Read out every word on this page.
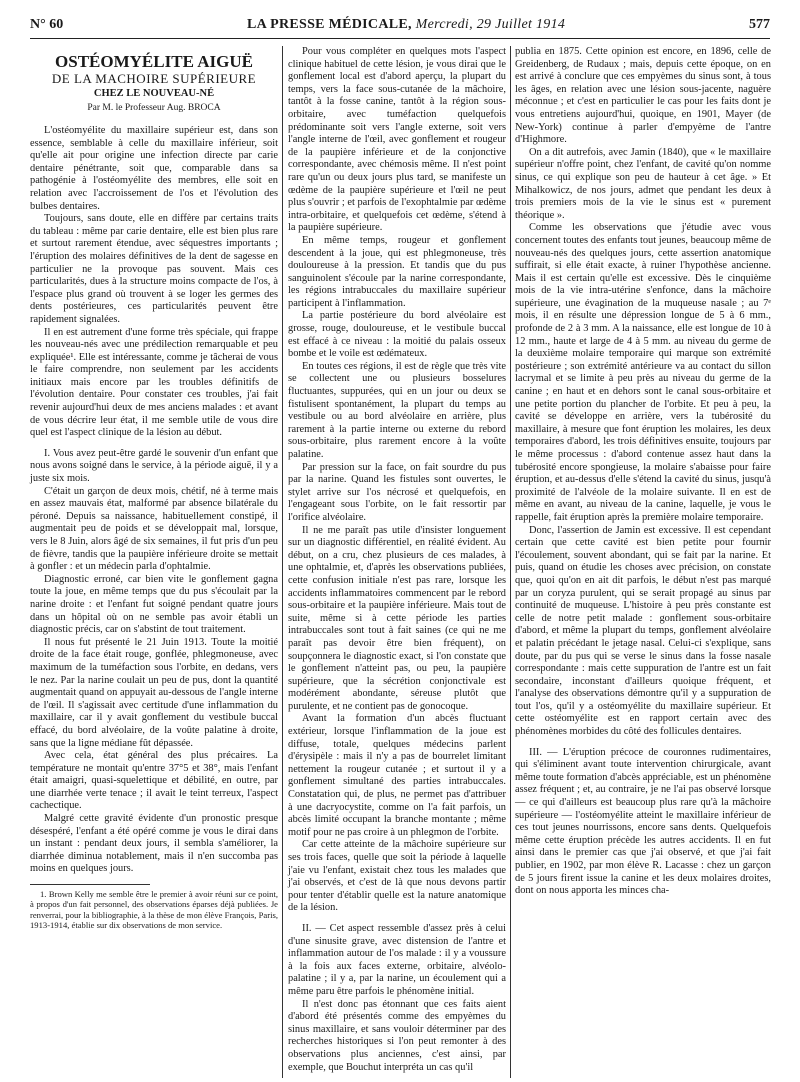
N° 60	LA PRESSE MÉDICALE, Mercredi, 29 Juillet 1914	577
OSTÉOMYÉLITE AIGUË
DE LA MACHOIRE SUPÉRIEURE
CHEZ LE NOUVEAU-NÉ
Par M. le Professeur Aug. BROCA

L'ostéomyélite du maxillaire supérieur est, dans son essence, semblable à celle du maxillaire inférieur, soit qu'elle ait pour origine une infection directe par carie dentaire pénétrante, soit que, comparable dans sa pathogénie à l'ostéomyélite des membres, elle soit en relation avec l'accroissement de l'os et l'évolution des bulbes dentaires.

Toujours, sans doute, elle en diffère par certains traits du tableau : même par carie dentaire, elle est bien plus rare et surtout rarement étendue, avec séquestres importants ; l'éruption des molaires définitives de la dent de sagesse en particulier ne la provoque pas souvent. Mais ces particularités, dues à la structure moins compacte de l'os, à l'espace plus grand où trouvent à se loger les germes des dents postérieures, ces particularités peuvent être rapidement signalées.

Il en est autrement d'une forme très spéciale, qui frappe les nouveau-nés avec une prédilection remarquable et peu expliquée¹. Elle est intéressante, comme je tâcherai de vous le faire comprendre, non seulement par les accidents initiaux mais encore par les troubles définitifs de l'évolution dentaire. Pour constater ces troubles, j'ai fait revenir aujourd'hui deux de mes anciens malades : et avant de vous décrire leur état, il me semble utile de vous dire quel est l'aspect clinique de la lésion au début.

I. Vous avez peut-être gardé le souvenir d'un enfant que nous avons soigné dans le service, à la période aiguë, il y a juste six mois.

C'était un garçon de deux mois, chétif, né à terme mais en assez mauvais état, malformé par absence bilatérale du péroné. Depuis sa naissance, habituellement constipé, il augmentait peu de poids et se développait mal, lorsque, vers le 8 Juin, alors âgé de six semaines, il fut pris d'un peu de fièvre, tandis que la paupière inférieure droite se mettait à gonfler : et un médecin parla d'ophtalmie.

Diagnostic erroné, car bien vite le gonflement gagna toute la joue, en même temps que du pus s'écoulait par la narine droite : et l'enfant fut soigné pendant quatre jours dans un hôpital où on ne semble pas avoir établi un diagnostic précis, car on s'abstint de tout traitement.

Il nous fut présenté le 21 Juin 1913. Toute la moitié droite de la face était rouge, gonflée, phlegmoneuse, avec maximum de la tuméfaction sous l'orbite, en dedans, vers le nez. Par la narine coulait un peu de pus, dont la quantité augmentait quand on appuyait au-dessous de l'angle interne de l'œil. Il s'agissait avec certitude d'une inflammation du maxillaire, car il y avait gonflement du vestibule buccal effacé, du bord alvéolaire, de la voûte palatine à droite, sans que la ligne médiane fût dépassée.

Avec cela, état général des plus précaires. La température ne montait qu'entre 37°5 et 38°, mais l'enfant était amaigri, quasi-squelettique et débilité, en outre, par une diarrhée verte tenace ; il avait le teint terreux, l'aspect cachectique.

Malgré cette gravité évidente d'un pronostic presque désespéré, l'enfant a été opéré comme je vous le dirai dans un instant : pendant deux jours, il sembla s'améliorer, la diarrhée diminua notablement, mais il n'en succomba pas moins en quelques jours.

1. Brown Kelly me semble être le premier à avoir réuni sur ce point, à propos d'un fait personnel, des observations éparses déjà publiées. Je renverrai, pour la bibliographie, à la thèse de mon élève François, Paris, 1913-1914, établie sur dix observations de mon service.

Pour vous compléter en quelques mots l'aspect clinique habituel de cette lésion, je vous dirai que le gonflement local est d'abord aperçu, la plupart du temps, vers la face sous-cutanée de la mâchoire, tantôt à la fosse canine, tantôt à la région sous-orbitaire, avec tuméfaction quelquefois prédominante soit vers l'angle externe, soit vers l'angle interne de l'œil, avec gonflement et rougeur de la paupière inférieure et de la conjonctive correspondante, avec chémosis même. Il n'est point rare qu'un ou deux jours plus tard, se manifeste un œdème de la paupière supérieure et l'œil ne peut plus s'ouvrir ; et parfois de l'exophtalmie par œdème intra-orbitaire, et quelquefois cet œdème, s'étend à la paupière supérieure.

En même temps, rougeur et gonflement descendent à la joue, qui est phlegmoneuse, très douloureuse à la pression. Et tandis que du pus sanguinolent s'écoule par la narine correspondante, les régions intrabuccales du maxillaire supérieur participent à l'inflammation.

La partie postérieure du bord alvéolaire est grosse, rouge, douloureuse, et le vestibule buccal est effacé à ce niveau : la moitié du palais osseux bombe et le voile est œdémateux.

En toutes ces régions, il est de règle que très vite se collectent une ou plusieurs bosselures fluctuantes, suppurées, qui en un jour ou deux se fistulisent spontanément, la plupart du temps au vestibule ou au bord alvéolaire en arrière, plus rarement à la partie interne ou externe du rebord sous-orbitaire, plus rarement encore à la voûte palatine.

Par pression sur la face, on fait sourdre du pus par la narine. Quand les fistules sont ouvertes, le stylet arrive sur l'os nécrosé et quelquefois, en l'engageant sous l'orbite, on le fait ressortir par l'orifice alvéolaire.

Il ne me paraît pas utile d'insister longuement sur un diagnostic différentiel, en réalité évident. Au début, on a cru, chez plusieurs de ces malades, à une ophtalmie, et, d'après les observations publiées, cette confusion initiale n'est pas rare, lorsque les accidents inflammatoires commencent par le rebord sous-orbitaire et la paupière inférieure. Mais tout de suite, même si à cette période les parties intrabuccales sont tout à fait saines (ce qui ne me paraît pas devoir être bien fréquent), on soupçonnera le diagnostic exact, si l'on constate que le gonflement n'atteint pas, ou peu, la paupière supérieure, que la sécrétion conjonctivale est modérément abondante, séreuse plutôt que purulente, et ne contient pas de gonocoque.

Avant la formation d'un abcès fluctuant extérieur, lorsque l'inflammation de la joue est diffuse, totale, quelques médecins parlent d'érysipèle : mais il n'y a pas de bourrelet limitant nettement la rougeur cutanée ; et surtout il y a gonflement simultané des parties intrabuccales. Constatation qui, de plus, ne permet pas d'attribuer à une dacryocystite, comme on l'a fait parfois, un abcès limité occupant la branche montante ; même motif pour ne pas croire à un phlegmon de l'orbite.

Car cette atteinte de la mâchoire supérieure sur ses trois faces, quelle que soit la période à laquelle j'aie vu l'enfant, existait chez tous les malades que j'ai observés, et c'est de là que nous devons partir pour tenter d'établir quelle est la nature anatomique de la lésion.

II. — Cet aspect ressemble d'assez près à celui d'une sinusite grave, avec distension de l'antre et inflammation autour de l'os malade : il y a voussure à la fois aux faces externe, orbitaire, alvéolo-palatine ; il y a, par la narine, un écoulement qui a même paru être parfois le phénomène initial.

Il n'est donc pas étonnant que ces faits aient d'abord été présentés comme des empyèmes du sinus maxillaire, et sans vouloir déterminer par des recherches historiques si l'on peut remonter à des observations plus anciennes, c'est ainsi, par exemple, que Bouchut interpréta un cas qu'il

publia en 1875. Cette opinion est encore, en 1896, celle de Greidenberg, de Rudaux ; mais, depuis cette époque, on en est arrivé à conclure que ces empyèmes du sinus sont, à tous les âges, en relation avec une lésion sous-jacente, naguère méconnue ; et c'est en particulier le cas pour les faits dont je vous entretiens aujourd'hui, quoique, en 1901, Mayer (de New-York) continue à parler d'empyème de l'antre d'Highmore.

On a dit autrefois, avec Jamin (1840), que « le maxillaire supérieur n'offre point, chez l'enfant, de cavité qu'on nomme sinus, ce qui explique son peu de hauteur à cet âge. » Et Mihalkowicz, de nos jours, admet que pendant les deux à trois premiers mois de la vie le sinus est « purement théorique ».

Comme les observations que j'étudie avec vous concernent toutes des enfants tout jeunes, beaucoup même de nouveau-nés des quelques jours, cette assertion anatomique suffirait, si elle était exacte, à ruiner l'hypothèse ancienne. Mais il est certain qu'elle est excessive. Dès le cinquième mois de la vie intra-utérine s'enfonce, dans la mâchoire supérieure, une évagination de la muqueuse nasale ; au 7ᵉ mois, il en résulte une dépression longue de 5 à 6 mm., profonde de 2 à 3 mm. A la naissance, elle est longue de 10 à 12 mm., haute et large de 4 à 5 mm. au niveau du germe de la deuxième molaire temporaire qui marque son extrémité postérieure ; son extrémité antérieure va au contact du sillon lacrymal et se limite à peu près au niveau du germe de la canine ; en haut et en dehors sont le canal sous-orbitaire et une petite portion du plancher de l'orbite. Et peu à peu, la cavité se développe en arrière, vers la tubérosité du maxillaire, à mesure que font éruption les molaires, les deux temporaires d'abord, les trois définitives ensuite, toujours par le même processus : d'abord contenue assez haut dans la tubérosité encore spongieuse, la molaire s'abaisse pour faire éruption, et au-dessus d'elle s'étend la cavité du sinus, jusqu'à proximité de l'alvéole de la molaire suivante. Il en est de même en avant, au niveau de la canine, laquelle, je vous le rappelle, fait éruption après la première molaire temporaire.

Donc, l'assertion de Jamin est excessive. Il est cependant certain que cette cavité est bien petite pour fournir l'écoulement, souvent abondant, qui se fait par la narine. Et puis, quand on étudie les choses avec précision, on constate que, quoi qu'on en ait dit parfois, le début n'est pas marqué par un coryza purulent, qui se serait propagé au sinus par continuité de muqueuse. L'histoire à peu près constante est celle de notre petit malade : gonflement sous-orbitaire d'abord, et même la plupart du temps, gonflement alvéolaire et palatin précédant le jetage nasal. Celui-ci s'explique, sans doute, par du pus qui se verse le sinus dans la fosse nasale correspondante : mais cette suppuration de l'antre est un fait secondaire, inconstant d'ailleurs quoique fréquent, et l'analyse des observations démontre qu'il y a suppuration de tout l'os, qu'il y a ostéomyélite du maxillaire supérieur. Et cette ostéomyélite est en rapport certain avec des phénomènes morbides du côté des follicules dentaires.

III. — L'éruption précoce de couronnes rudimentaires, qui s'éliminent avant toute intervention chirurgicale, avant même toute formation d'abcès appréciable, est un phénomène assez fréquent ; et, au contraire, je ne l'ai pas observé lorsque — ce qui d'ailleurs est beaucoup plus rare qu'à la mâchoire supérieure — l'ostéomyélite atteint le maxillaire inférieur de ces tout jeunes nourrissons, encore sans dents. Quelquefois même cette éruption précède les autres accidents. Il en fut ainsi dans le premier cas que j'ai observé, et que j'ai fait publier, en 1902, par mon élève R. Lacasse : chez un garçon de 5 jours firent issue la canine et les deux molaires droites, dont on nous apporta les minces cha-
